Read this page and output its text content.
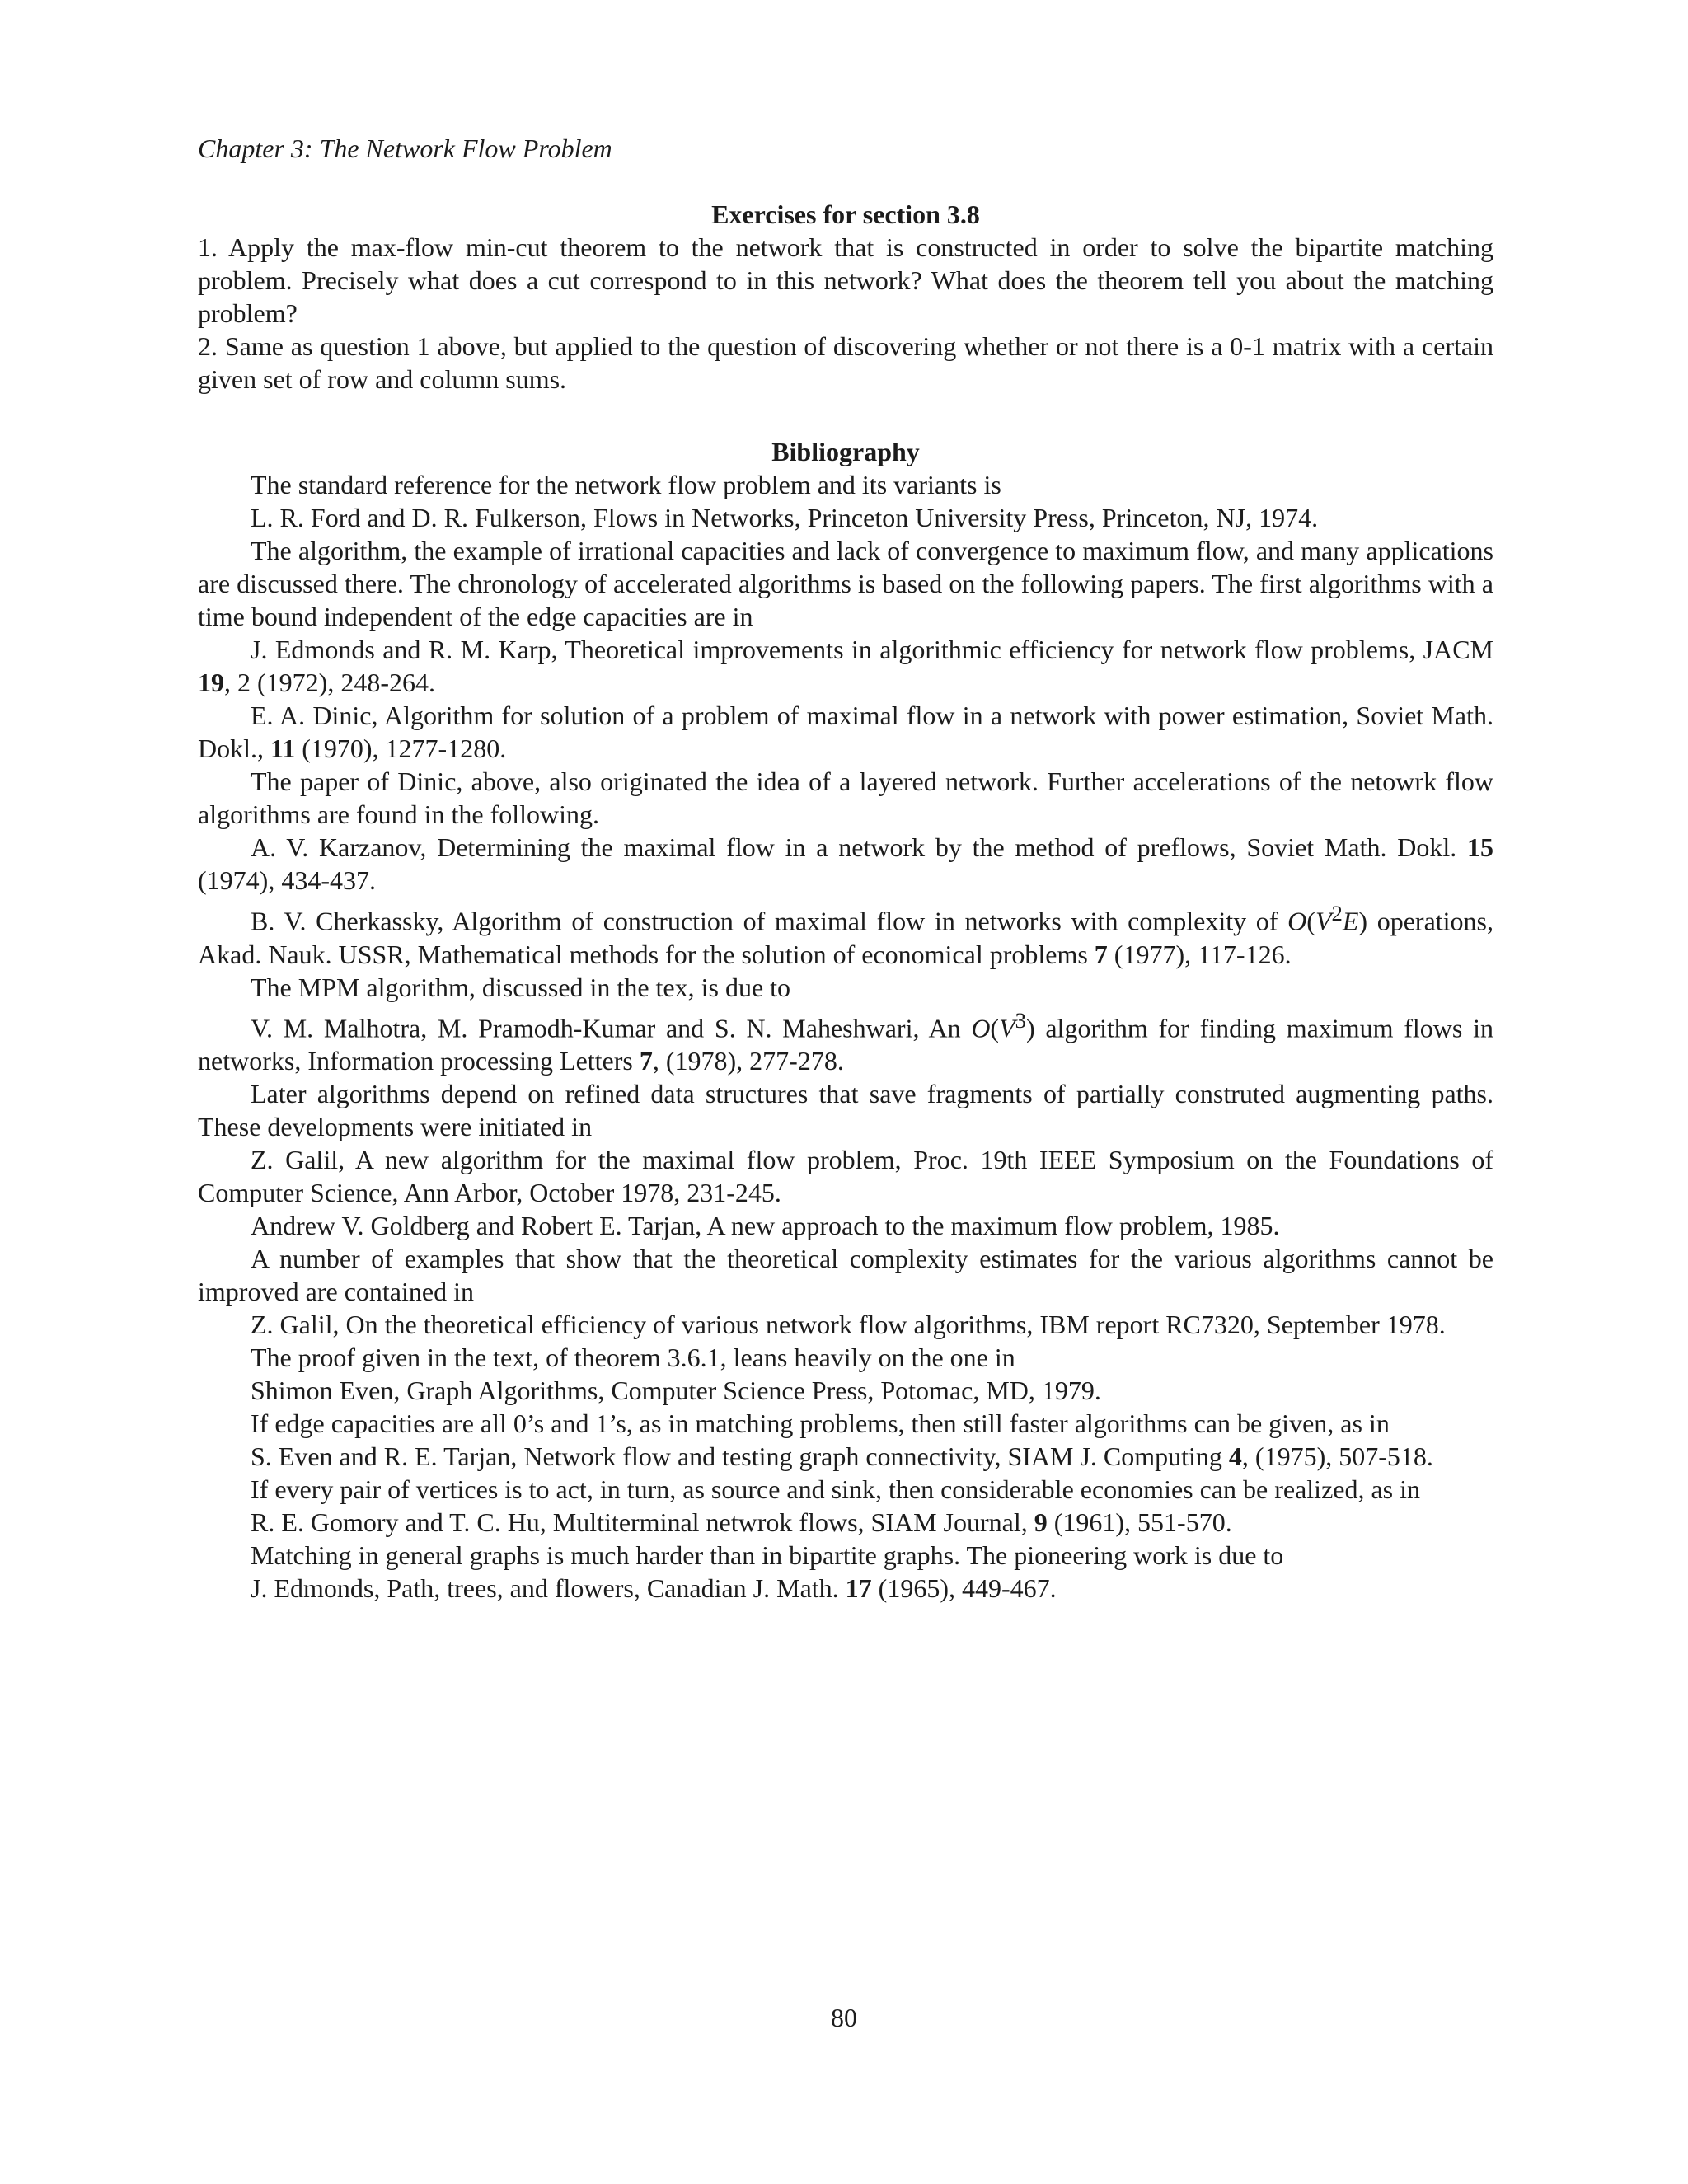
Chapter 3: The Network Flow Problem

Exercises for section 3.8

1. Apply the max-flow min-cut theorem to the network that is constructed in order to solve the bipartite matching problem. Precisely what does a cut correspond to in this network? What does the theorem tell you about the matching problem?

2. Same as question 1 above, but applied to the question of discovering whether or not there is a 0-1 matrix with a certain given set of row and column sums.

Bibliography

The standard reference for the network flow problem and its variants is

L. R. Ford and D. R. Fulkerson, Flows in Networks, Princeton University Press, Princeton, NJ, 1974.

The algorithm, the example of irrational capacities and lack of convergence to maximum flow, and many applications are discussed there. The chronology of accelerated algorithms is based on the following papers. The first algorithms with a time bound independent of the edge capacities are in

J. Edmonds and R. M. Karp, Theoretical improvements in algorithmic efficiency for network flow problems, JACM 19, 2 (1972), 248-264.

E. A. Dinic, Algorithm for solution of a problem of maximal flow in a network with power estimation, Soviet Math. Dokl., 11 (1970), 1277-1280.

The paper of Dinic, above, also originated the idea of a layered network. Further accelerations of the netowrk flow algorithms are found in the following.

A. V. Karzanov, Determining the maximal flow in a network by the method of preflows, Soviet Math. Dokl. 15 (1974), 434-437.

B. V. Cherkassky, Algorithm of construction of maximal flow in networks with complexity of $O(V^2E)$ operations, Akad. Nauk. USSR, Mathematical methods for the solution of economical problems 7 (1977), 117-126.

The MPM algorithm, discussed in the tex, is due to

V. M. Malhotra, M. Pramodh-Kumar and S. N. Maheshwari, An $O(V^3)$ algorithm for finding maximum flows in networks, Information processing Letters 7, (1978), 277-278.

Later algorithms depend on refined data structures that save fragments of partially construted augmenting paths. These developments were initiated in

Z. Galil, A new algorithm for the maximal flow problem, Proc. 19th IEEE Symposium on the Foundations of Computer Science, Ann Arbor, October 1978, 231-245.

Andrew V. Goldberg and Robert E. Tarjan, A new approach to the maximum flow problem, 1985.

A number of examples that show that the theoretical complexity estimates for the various algorithms cannot be improved are contained in

Z. Galil, On the theoretical efficiency of various network flow algorithms, IBM report RC7320, September 1978.

The proof given in the text, of theorem 3.6.1, leans heavily on the one in

Shimon Even, Graph Algorithms, Computer Science Press, Potomac, MD, 1979.

If edge capacities are all 0’s and 1’s, as in matching problems, then still faster algorithms can be given, as in

S. Even and R. E. Tarjan, Network flow and testing graph connectivity, SIAM J. Computing 4, (1975), 507-518.

If every pair of vertices is to act, in turn, as source and sink, then considerable economies can be realized, as in

R. E. Gomory and T. C. Hu, Multiterminal netwrok flows, SIAM Journal, 9 (1961), 551-570.

Matching in general graphs is much harder than in bipartite graphs. The pioneering work is due to

J. Edmonds, Path, trees, and flowers, Canadian J. Math. 17 (1965), 449-467.

80
